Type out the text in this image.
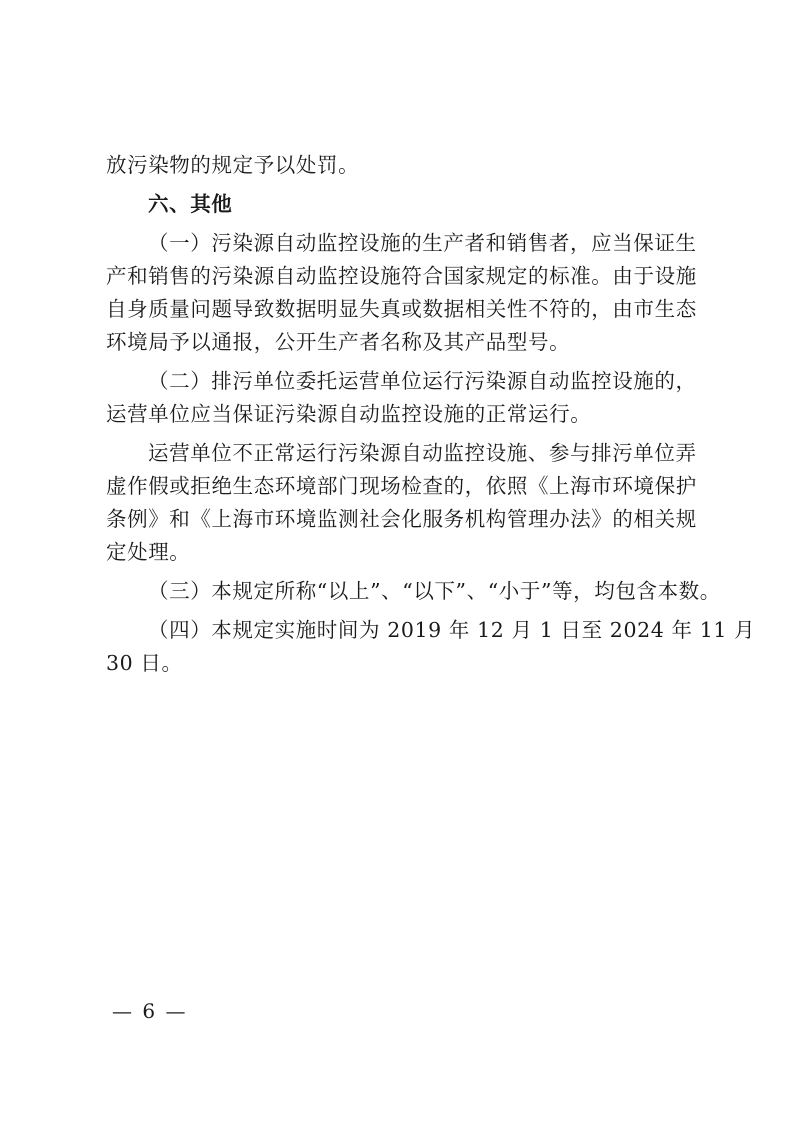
放污染物的规定予以处罚。
六、其他
（一）污染源自动监控设施的生产者和销售者，应当保证生
产和销售的污染源自动监控设施符合国家规定的标准。由于设施
自身质量问题导致数据明显失真或数据相关性不符的，由市生态
环境局予以通报，公开生产者名称及其产品型号。
（二）排污单位委托运营单位运行污染源自动监控设施的，
运营单位应当保证污染源自动监控设施的正常运行。
运营单位不正常运行污染源自动监控设施、参与排污单位弄
虚作假或拒绝生态环境部门现场检查的，依照《上海市环境保护
条例》和《上海市环境监测社会化服务机构管理办法》的相关规
定处理。
（三）本规定所称“以上”、“以下”、“小于”等，均包含本数。
（四）本规定实施时间为 2019 年 12 月 1 日至 2024 年 11 月
30 日。
— 6 —
